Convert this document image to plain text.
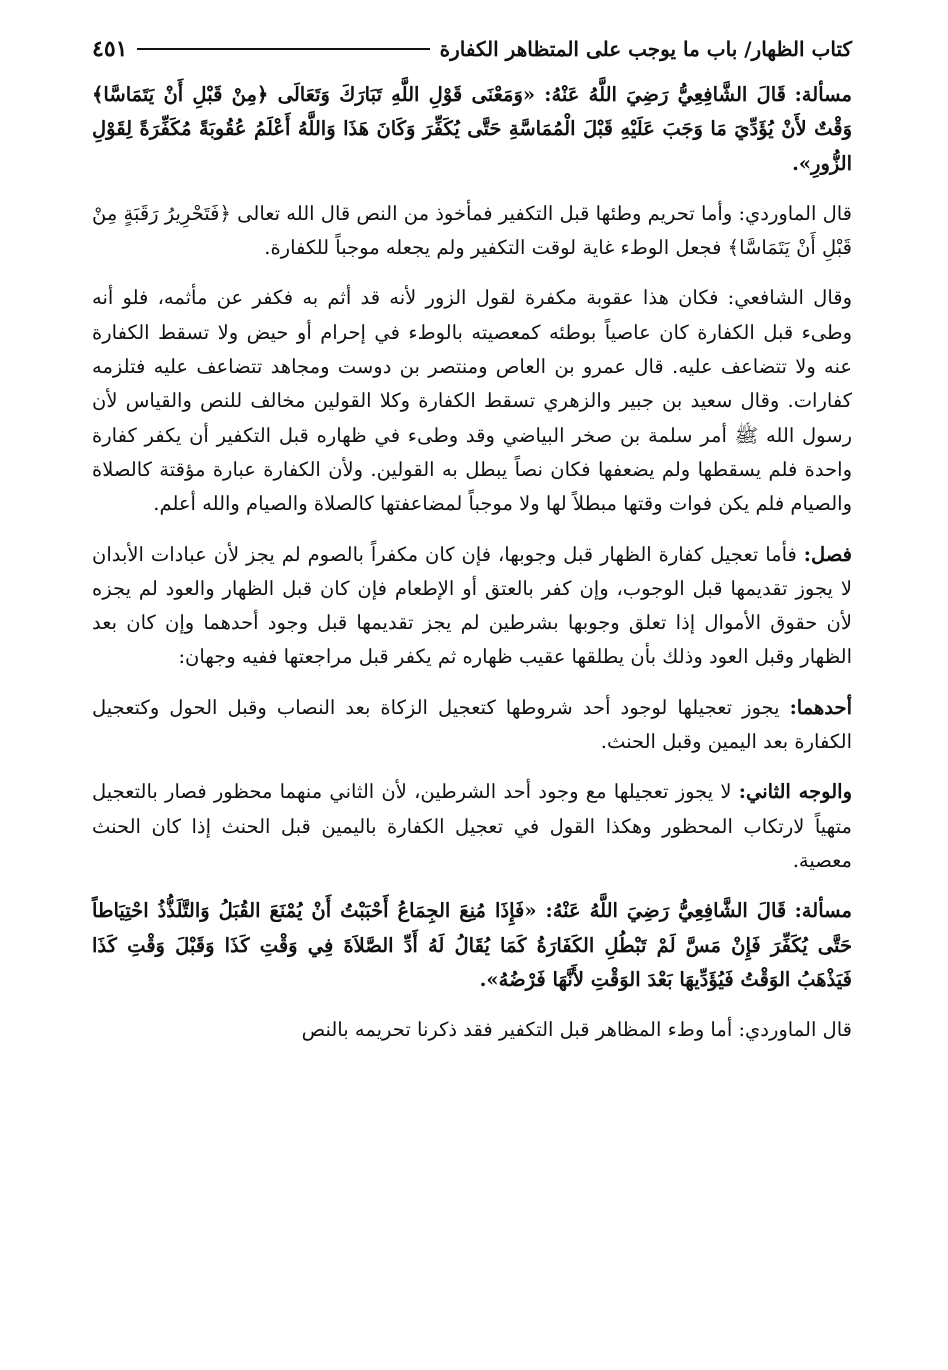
كتاب الظهار/ باب ما يوجب على المتظاهر الكفارة
٤٥١

مسألة: قَالَ الشَّافِعِيُّ رَضِيَ اللَّهُ عَنْهُ: «وَمَعْنَى قَوْلِ اللَّهِ تَبَارَكَ وَتَعَالَى ﴿مِنْ قَبْلِ أَنْ يَتَمَاسَّا﴾ وَقْتٌ لأَنْ يُؤَدِّيَ مَا وَجَبَ عَلَيْهِ قَبْلَ الْمُمَاسَّةِ حَتَّى يُكَفِّرَ وَكَانَ هَذَا وَاللَّهُ أَعْلَمُ عُقُوبَةً مُكَفِّرَةً لِقَوْلِ الزُّورِ».

قال الماوردي: وأما تحريم وطئها قبل التكفير فمأخوذ من النص قال الله تعالى ﴿فَتَحْرِيرُ رَقَبَةٍ مِنْ قَبْلِ أَنْ يَتَمَاسَّا﴾ فجعل الوطء غاية لوقت التكفير ولم يجعله موجباً للكفارة.

وقال الشافعي: فكان هذا عقوبة مكفرة لقول الزور لأنه قد أثم به فكفر عن مأثمه، فلو أنه وطىء قبل الكفارة كان عاصياً بوطئه كمعصيته بالوطء في إحرام أو حيض ولا تسقط الكفارة عنه ولا تتضاعف عليه. قال عمرو بن العاص ومنتصر بن دوست ومجاهد تتضاعف عليه فتلزمه كفارات. وقال سعيد بن جبير والزهري تسقط الكفارة وكلا القولين مخالف للنص والقياس لأن رسول الله ﷺ أمر سلمة بن صخر البياضي وقد وطىء في ظهاره قبل التكفير أن يكفر كفارة واحدة فلم يسقطها ولم يضعفها فكان نصاً يبطل به القولين. ولأن الكفارة عبارة مؤقتة كالصلاة والصيام فلم يكن فوات وقتها مبطلاً لها ولا موجباً لمضاعفتها كالصلاة والصيام والله أعلم.

فصل: فأما تعجيل كفارة الظهار قبل وجوبها، فإن كان مكفراً بالصوم لم يجز لأن عبادات الأبدان لا يجوز تقديمها قبل الوجوب، وإن كفر بالعتق أو الإطعام فإن كان قبل الظهار والعود لم يجزه لأن حقوق الأموال إذا تعلق وجوبها بشرطين لم يجز تقديمها قبل وجود أحدهما وإن كان بعد الظهار وقبل العود وذلك بأن يطلقها عقيب ظهاره ثم يكفر قبل مراجعتها ففيه وجهان:

أحدهما: يجوز تعجيلها لوجود أحد شروطها كتعجيل الزكاة بعد النصاب وقبل الحول وكتعجيل الكفارة بعد اليمين وقبل الحنث.

والوجه الثاني: لا يجوز تعجيلها مع وجود أحد الشرطين، لأن الثاني منهما محظور فصار بالتعجيل متهياً لارتكاب المحظور وهكذا القول في تعجيل الكفارة باليمين قبل الحنث إذا كان الحنث معصية.

مسألة: قَالَ الشَّافِعِيُّ رَضِيَ اللَّهُ عَنْهُ: «فَإِذَا مُنِعَ الجِمَاعُ أَحْبَبْتُ أَنْ يُمْنَعَ القُبَلُ وَالتَّلَذُّذُ احْتِيَاطاً حَتَّى يُكَفِّرَ فَإِنْ مَسَّ لَمْ تَبْطُلِ الكَفَارَةُ كَمَا يُقَالُ لَهُ أَدِّ الصَّلاَةَ فِي وَقْتِ كَذَا وَقَبْلَ وَقْتِ كَذَا فَيَذْهَبُ الوَقْتُ فَيُؤَدِّيهَا بَعْدَ الوَقْتِ لأَنَّهَا فَرْضُهُ».

قال الماوردي: أما وطء المظاهر قبل التكفير فقد ذكرنا تحريمه بالنص
